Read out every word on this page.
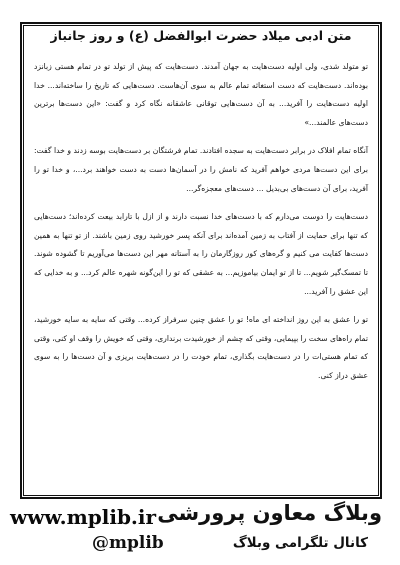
متن ادبی میلاد حضرت ابوالفضل (ع) و روز جانباز

تو متولد شدی، ولی اولیه دست‌هایت به جهان آمدند. دست‌هایت که پیش از تولد تو در تمام هستی زبانزد بوده‌اند. دست‌هایت که دست استغاثه تمام عالم به سوی آن‌هاست. دست‌هایی که تاریخ را ساخته‌اند... خدا اولیه دست‌هایت را آفرید... به آن دست‌هایی توقانی عاشقانه نگاه کرد و گفت: «این دست‌ها برترین دست‌های عالمند...»

آنگاه تمام افلاک در برابر دست‌هایت به سجده افتادند. تمام فرشتگان بر دست‌هایت بوسه زدند و خدا گفت: برای این دست‌ها مردی خواهم آفرید که نامش را در آسمان‌ها دست به دست خواهند برد...، و خدا تو را آفرید، برای آن دست‌های بی‌بدیل ... دست‌های معجزه‌گر...

دست‌هایت را دوست می‌دارم که با دست‌های خدا نسبت دارند و از ازل با تارابد بیعت کرده‌اند؛ دست‌هایی که تنها برای حمایت از آفتاب به زمین آمده‌اند برای آنکه پسر خورشید روی زمین باشند. از تو تنها به همین دست‌ها کفایت می کنیم و گره‌های کور روزگارمان را به آستانه مهر این دست‌ها می‌آوریم تا گشوده شوند. تا تمسک‌گیر شویم... تا از تو ایمان بیاموزیم... به عشقی که تو را این‌گونه شهره عالم کرد... و به خدایی که این عشق را آفرید...

تو را عشق به این روز انداخته ای ماه! تو را عشق چنین سرفراز کرده... وقتی که سایه به سایه خورشید، تمام راه‌های سخت را بپیمایی، وقتی که چشم از خورشیدت برنداری، وقتی که خویش را وقف او کنی، وقتی که تمام هستی‌ات را در دست‌هایت بگذاری، تمام خودت را در دست‌هایت بریزی و آن دست‌ها را به سوی عشق دراز کنی.

www.mplib.ir وبلاگ معاون پرورشی
@mplib	کانال تلگرامی وبلاگ
